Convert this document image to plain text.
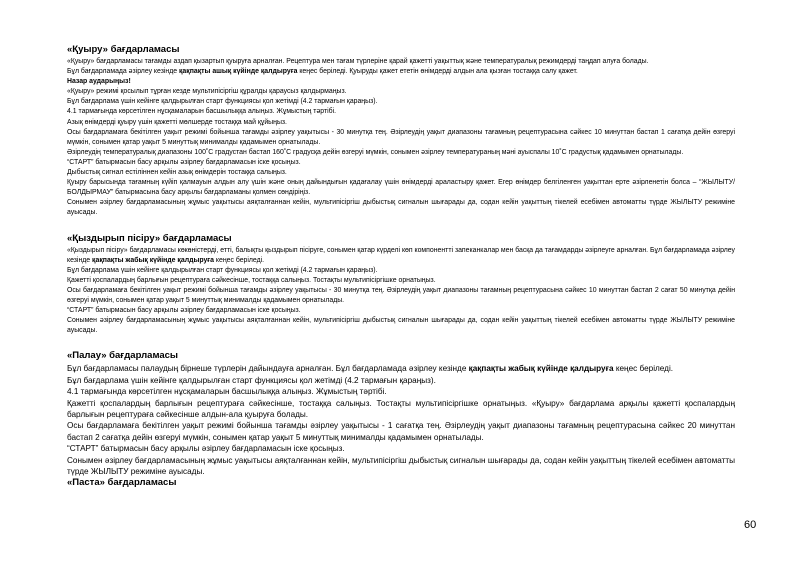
«Қуыру» бағдарламасы

«Қуыру» бағдарламасы тағамды аздап қызартып қуыруға арналған. Рецептура мен тағам түрлеріне қарай қажетті уақыттық және температуралық режимдерді таңдап алуға болады.

Бұл бағдарламада әзірлеу кезінде қақпақты ашық күйінде қалдыруға кеңес беріледі. Қуыруды қажет ететін өнімдерді алдын ала қызған тостаққа салу қажет.

Назар аударыңыз!

«Қуыру» режимі қосылып тұрған кезде мультипісіргіш құралды қараусыз қалдырмаңыз.

Бұл бағдарлама үшін кейінге қалдырылған старт функциясы қол жетімді (4.2 тармағын қараңыз).

4.1 тармағында көрсетілген нұсқамаларын басшылыққа алыңыз. Жұмыстың тәртібі.

Азық өнімдерді қуыру үшін қажетті мөлшерде тостаққа май құйыңыз.

Осы бағдарламаға бекітілген уақыт режимі бойынша тағамды әзірлеу уақытысы - 30 минутқа тең. Әзірлеудің уақыт диапазоны тағамның рецептурасына сәйкес 10 минуттан бастап 1 сағатқа дейін өзгеруі мүмкін, сонымен қатар уақыт 5 минуттық минималды қадамымен орнатылады.

Әзірлеудің температуралық диапазоны 100˚С градустан бастап 160˚С градусқа дейін өзгеруі мүмкін, сонымен әзірлеу температураның мәні ауыспалы 10˚С градустық қадамымен орнатылады.

“СТАРТ” батырмасын басу арқылы әзірлеу бағдарламасын іске қосыңыз.

Дыбыстық сигнал естіліннен кейін азық өнімдерін тостаққа салыңыз.

Қуыру барысында тағамның күйіп қалмауын алдын алу үшін және оның дайындығын қадағалау үшін өнімдерді араластыру қажет. Егер өнімдер белгіленген уақыттан ерте әзірленетін болса – “ЖЫЛЫТУ/БОЛДЫРМАУ” батырмасына басу арқылы бағдарламаны қолмен сөндіріңіз.

Сонымен әзірлеу бағдарламасының жұмыс уақытысы аяқталғаннан кейін, мультипісіргіш дыбыстық сигналын шығарады да, содан кейін уақыттың тікелей есебімен автоматты түрде ЖЫЛЫТУ режиміне ауысады.

«Қыздырып пісіру» бағдарламасы

«Қыздырып пісіру» бағдарламасы көкөністерді, етті, балықты қыздырып пісіруге, сонымен қатар күрделі көп компоненттi запеканкалар мен басқа да тағамдарды әзірлеуге арналған. Бұл бағдарламада әзірлеу кезінде қақпақты жабық күйінде қалдыруға кеңес беріледі.

Бұл бағдарлама үшін кейінге қалдырылған старт функциясы қол жетімді (4.2 тармағын қараңыз).

Қажетті қоспалардың барлығын рецептураға сәйкесінше, тостаққа салыңыз. Тостақты мультипісіргішке орнатыңыз.

Осы бағдарламаға бекітілген уақыт режимі бойынша тағамды әзірлеу уақытысы - 30 минутқа тең. Әзірлеудің уақыт диапазоны тағамның рецептурасына сәйкес 10 минуттан бастап 2 сағат 50 минутқа дейін өзгеруі мүмкін, сонымен қатар уақыт 5 минуттық минималды қадамымен орнатылады.

“СТАРТ” батырмасын басу арқылы әзірлеу бағдарламасын іске қосыңыз.

Сонымен әзірлеу бағдарламасының жұмыс уақытысы аяқталғаннан кейін, мультипісіргіш дыбыстық сигналын шығарады да, содан кейін уақыттың тікелей есебімен автоматты түрде ЖЫЛЫТУ режиміне ауысады.

«Палау» бағдарламасы

Бұл бағдарламасы палаудың бірнеше түрлерін дайындауға арналған. Бұл бағдарламада әзірлеу кезінде қақпақты жабық күйінде қалдыруға кеңес беріледі.

Бұл бағдарлама үшін кейінге қалдырылған старт функциясы қол жетімді (4.2 тармағын қараңыз).

4.1 тармағында көрсетілген нұсқамаларын басшылыққа алыңыз. Жұмыстың тәртібі.

Қажетті қоспалардың барлығын рецептураға сәйкесінше, тостаққа салыңыз. Тостақты мультипісіргішке орнатыңыз. «Қуыру» бағдарлама арқылы қажетті қоспалардың барлығын рецептураға сәйкесінше алдын-ала қуыруға болады.

Осы бағдарламаға бекітілген уақыт режимі бойынша тағамды әзірлеу уақытысы - 1 сағатқа тең. Әзірлеудің уақыт диапазоны тағамның рецептурасына сәйкес 20 минуттан бастап 2 сағатқа дейін өзгеруі мүмкін, сонымен қатар уақыт 5 минуттық минималды қадамымен орнатылады.

“СТАРТ” батырмасын басу арқылы әзірлеу бағдарламасын іске қосыңыз.

Сонымен әзірлеу бағдарламасының жұмыс уақытысы аяқталғаннан кейін, мультипісіргіш дыбыстық сигналын шығарады да, содан кейін уақыттың тікелей есебімен автоматты түрде ЖЫЛЫТУ режиміне ауысады.

«Паста» бағдарламасы
60
